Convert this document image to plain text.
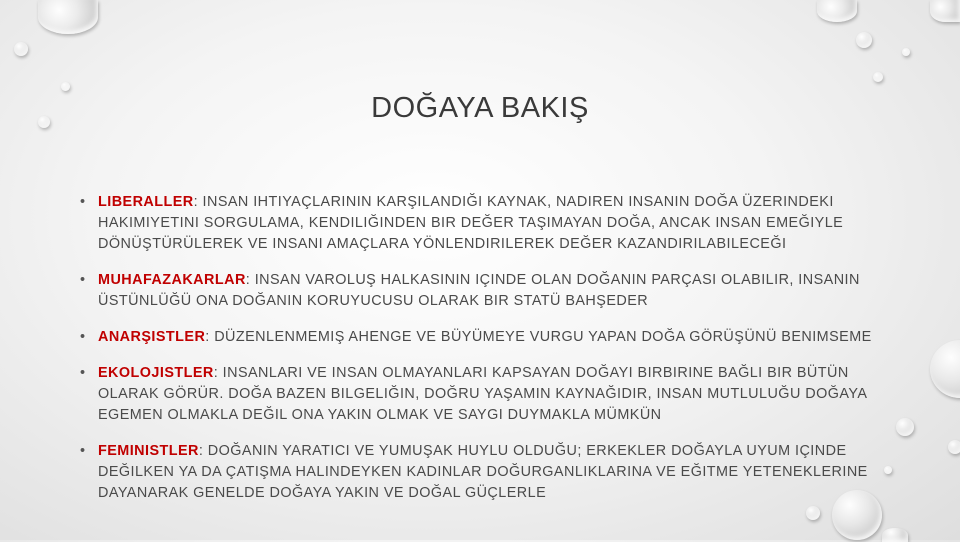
DOĞAYA BAKIŞ
• LIBERALLER: INSAN IHTIYAÇLARININ KARŞILANDIĞI KAYNAK, NADIREN INSANIN DOĞA ÜZERINDEKI HAKIMIYETINI SORGULAMA, KENDILIĞINDEN BIR DEĞER TAŞIMAYAN DOĞA, ANCAK INSAN EMEĞIYLE DÖNÜŞTÜRÜLEREK VE INSANI AMAÇLARA YÖNLENDIRILEREK DEĞER KAZANDIRILABILECEĞI
• MUHAFAZAKARLAR: INSAN VAROLUŞ HALKASININ IÇINDE OLAN DOĞANIN PARÇASI OLABILIR, INSANIN ÜSTÜNLÜĞÜ ONA DOĞANIN KORUYUCUSU OLARAK BIR STATÜ BAHŞEDER
• ANARŞISTLER: DÜZENLENMEMIŞ AHENGE VE BÜYÜMEYE VURGU YAPAN DOĞA GÖRÜŞÜNÜ BENIMSEME
• EKOLOJISTLER: INSANLARI VE INSAN OLMAYANLARI KAPSAYAN DOĞAYI BIRBIRINE BAĞLI BIR BÜTÜN OLARAK GÖRÜR. DOĞA BAZEN BILGELIĞIN, DOĞRU YAŞAMIN KAYNAĞIDIR, INSAN MUTLULUĞU DOĞAYA EGEMEN OLMAKLA DEĞIL ONA YAKIN OLMAK VE SAYGI DUYMAKLA MÜMKÜN
• FEMINISTLER: DOĞANIN YARATICI VE YUMUŞAK HUYLU OLDUĞU; ERKEKLER DOĞAYLA UYUM IÇINDE DEĞILKEN YA DA ÇATIŞMA HALINDEYKEN KADINLAR DOĞURGANLIKLARINA VE EĞITME YETENEKLERINE DAYANARAK GENELDE DOĞAYA YAKIN VE DOĞAL GÜÇLERLE
